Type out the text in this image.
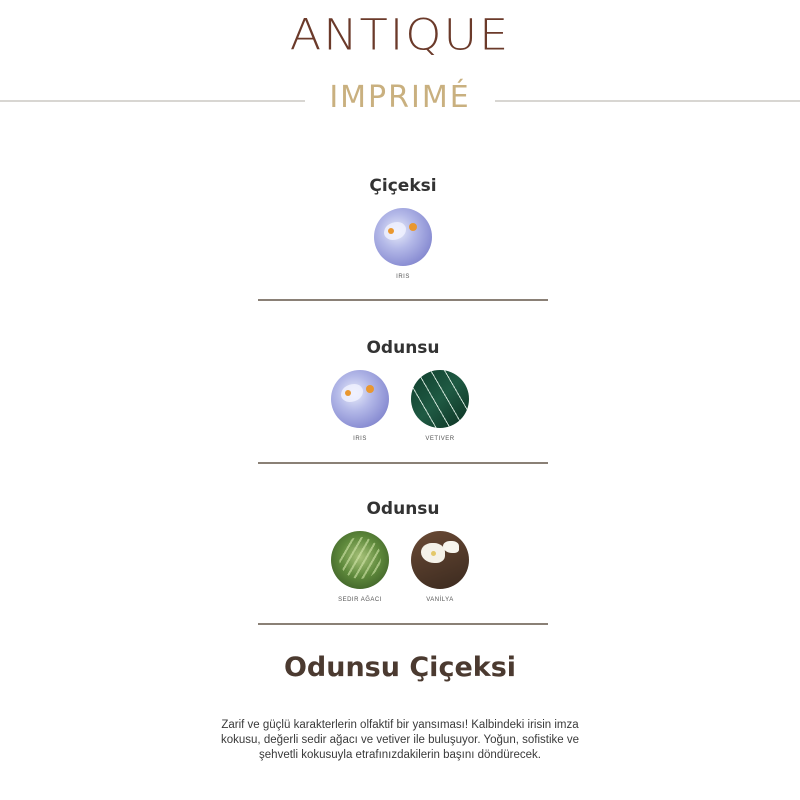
ANTIQUE
IMPRIMÉ
Çiçeksi
IRIS
Odunsu
IRIS	VETIVER
Odunsu
SEDIR AĞACI	VANİLYA
Odunsu Çiçeksi
Zarif ve güçlü karakterlerin olfaktif bir yansıması! Kalbindeki irisin imza kokusu, değerli sedir ağacı ve vetiver ile buluşuyor. Yoğun, sofistike ve şehvetli kokusuyla etrafınızdakilerin başını döndürecek.
